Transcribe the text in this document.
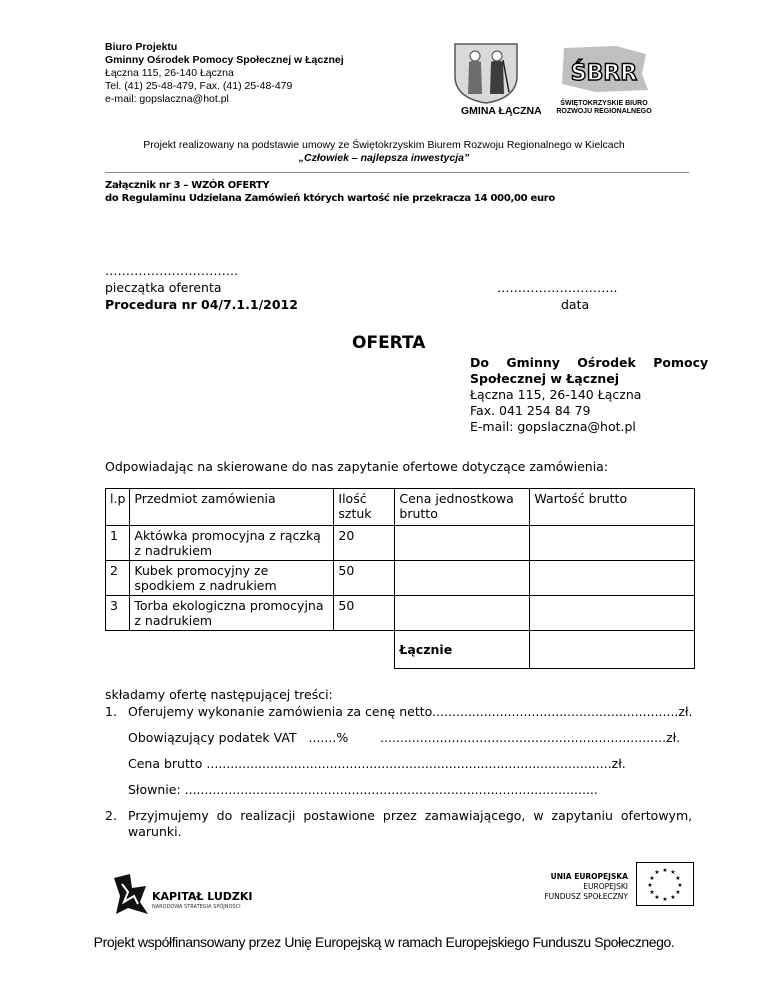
Biuro Projektu
Gminny Ośrodek Pomocy Społecznej w Łącznej
Łączna 115, 26-140 Łączna
Tel. (41) 25-48-479, Fax. (41) 25-48-479
e-mail: gopslaczna@hot.pl
GMINA ŁĄCZNA
ŚBRR
ŚWIĘTOKRZYSKIE BIURO
ROZWOJU REGIONALNEGO
Projekt realizowany na podstawie umowy ze Świętokrzyskim Biurem Rozwoju Regionalnego w Kielcach
„Człowiek – najlepsza inwestycja”
Załącznik nr 3 – WZÓR OFERTY
do Regulaminu Udzielana Zamówień których wartość nie przekracza 14 000,00 euro
…………………………..
pieczątka oferenta
Procedura nr 04/7.1.1/2012
………………………..
data
OFERTA
Do    Gminny    Ośrodek    Pomocy
Społecznej w Łącznej
Łączna 115, 26-140 Łączna
Fax. 041 254 84 79
E-mail: gopslaczna@hot.pl
Odpowiadając na skierowane do nas zapytanie ofertowe dotyczące zamówienia:
l.p	Przedmiot zamówienia	Ilość sztuk	Cena jednostkowa brutto	Wartość brutto
1	Aktówka promocyjna z rączką z nadrukiem	20		
2	Kubek promocyjny ze spodkiem z nadrukiem	50		
3	Torba ekologiczna promocyjna z nadrukiem	50		
			Łącznie	
składamy ofertę następującej treści:
1. Oferujemy wykonanie zamówienia za cenę netto..............................................................zł.
Obowiązujący podatek VAT   .......%        ........................................................................zł.
Cena brutto ......................................................................................................zł.
Słownie: ........................................................................................................
2. Przyjmujemy  do  realizacji  postawione  przez  zamawiającego,  w  zapytaniu  ofertowym,
warunki.
KAPITAŁ LUDZKI
NARODOWA STRATEGIA SPÓJNOŚCI
UNIA EUROPEJSKA
EUROPEJSKI
FUNDUSZ SPOŁECZNY
★ ★
★
★
★
★
★
★
★
★
★
★
Projekt współfinansowany przez Unię Europejską w ramach Europejskiego Funduszu Społecznego.
